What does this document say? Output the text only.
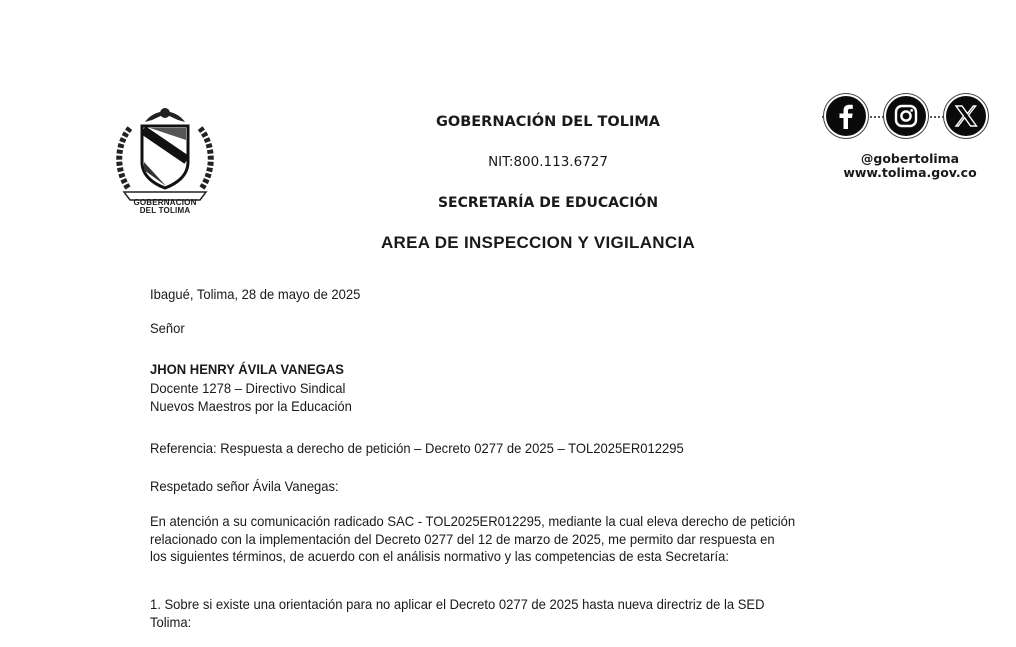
GOBERNACION
DEL TOLIMA
GOBERNACIÓN DEL TOLIMA
NIT:800.113.6727
SECRETARÍA DE EDUCACIÓN
AREA DE INSPECCION Y VIGILANCIA
@gobertolima
www.tolima.gov.co
Ibagué, Tolima, 28 de mayo de 2025
Señor
JHON HENRY ÁVILA VANEGAS
Docente 1278 – Directivo Sindical
Nuevos Maestros por la Educación
Referencia: Respuesta a derecho de petición – Decreto 0277 de 2025 – TOL2025ER012295
Respetado señor Ávila Vanegas:
En atención a su comunicación radicado SAC - TOL2025ER012295, mediante la cual eleva derecho de petición
relacionado con la implementación del Decreto 0277 del 12 de marzo de 2025, me permito dar respuesta en
los siguientes términos, de acuerdo con el análisis normativo y las competencias de esta Secretaría:
1. Sobre si existe una orientación para no aplicar el Decreto 0277 de 2025 hasta nueva directriz de la SED
Tolima:
